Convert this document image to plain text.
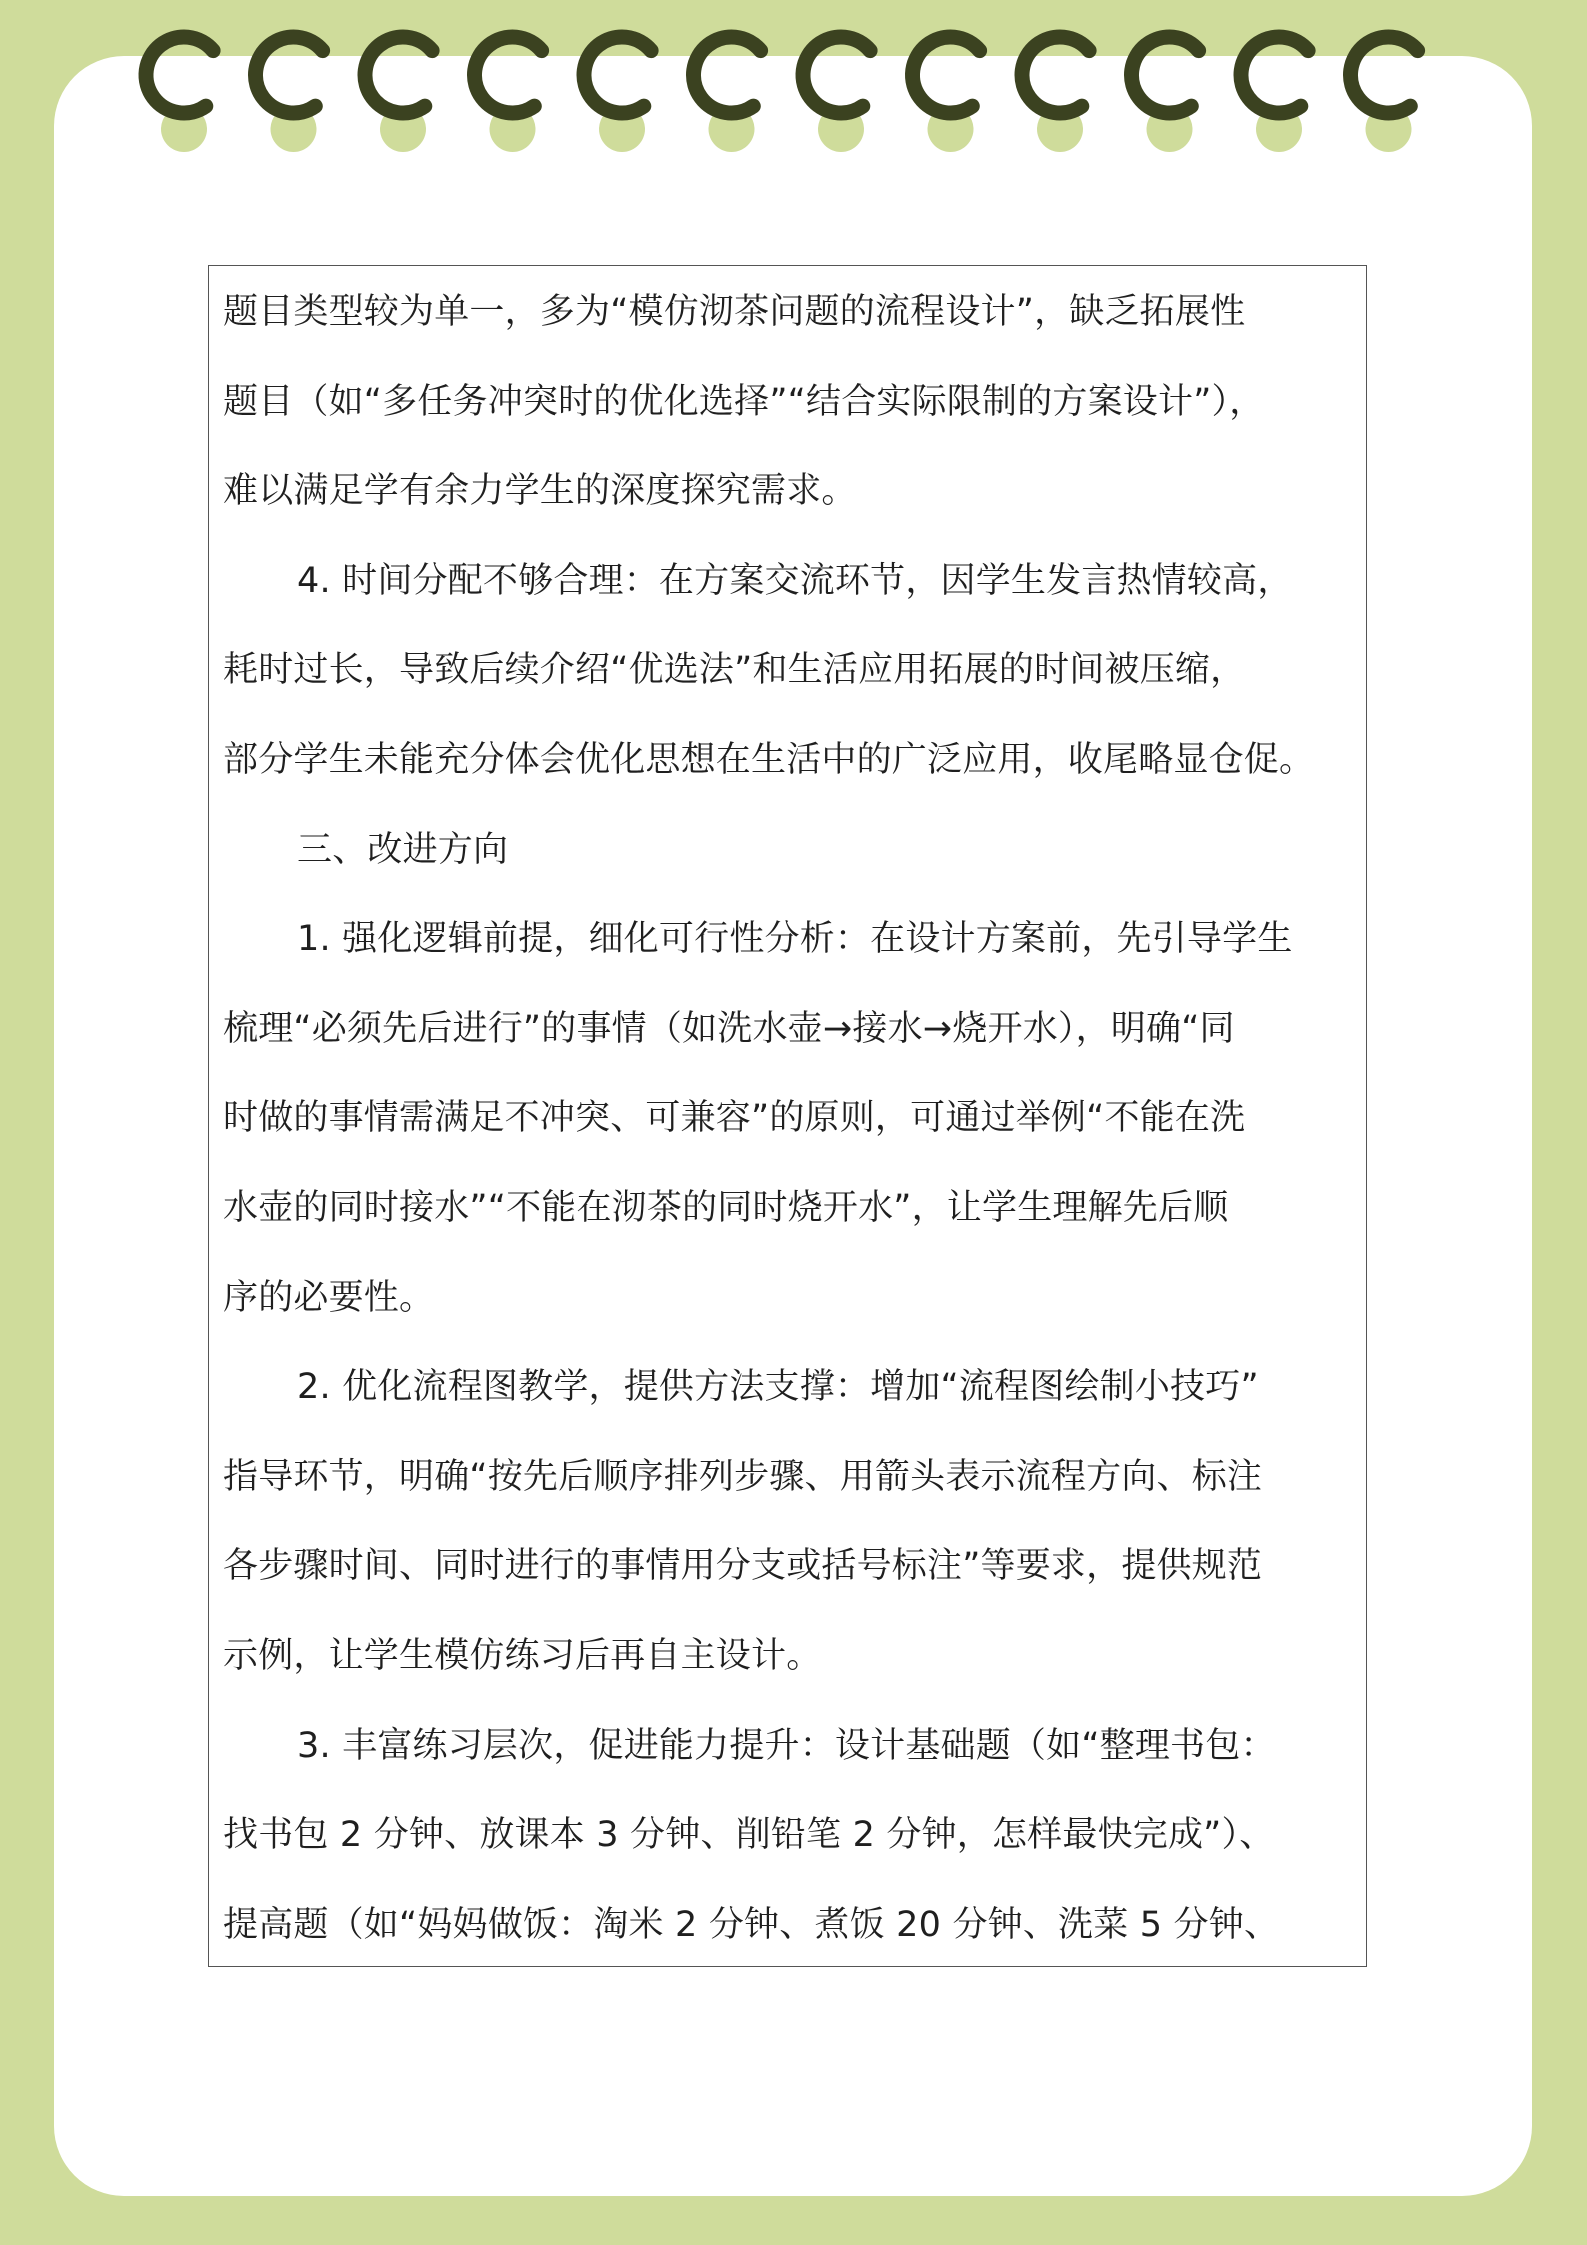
题目类型较为单一，多为“模仿沏茶问题的流程设计”，缺乏拓展性
题目（如“多任务冲突时的优化选择”“结合实际限制的方案设计”），
难以满足学有余力学生的深度探究需求。
4. 时间分配不够合理：在方案交流环节，因学生发言热情较高，
耗时过长，导致后续介绍“优选法”和生活应用拓展的时间被压缩，
部分学生未能充分体会优化思想在生活中的广泛应用，收尾略显仓促。
三、改进方向
1. 强化逻辑前提，细化可行性分析：在设计方案前，先引导学生
梳理“必须先后进行”的事情（如洗水壶→接水→烧开水），明确“同
时做的事情需满足不冲突、可兼容”的原则，可通过举例“不能在洗
水壶的同时接水”“不能在沏茶的同时烧开水”，让学生理解先后顺
序的必要性。
2. 优化流程图教学，提供方法支撑：增加“流程图绘制小技巧”
指导环节，明确“按先后顺序排列步骤、用箭头表示流程方向、标注
各步骤时间、同时进行的事情用分支或括号标注”等要求，提供规范
示例，让学生模仿练习后再自主设计。
3. 丰富练习层次，促进能力提升：设计基础题（如“整理书包：
找书包 2 分钟、放课本 3 分钟、削铅笔 2 分钟，怎样最快完成”）、
提高题（如“妈妈做饭：淘米 2 分钟、煮饭 20 分钟、洗菜 5 分钟、
